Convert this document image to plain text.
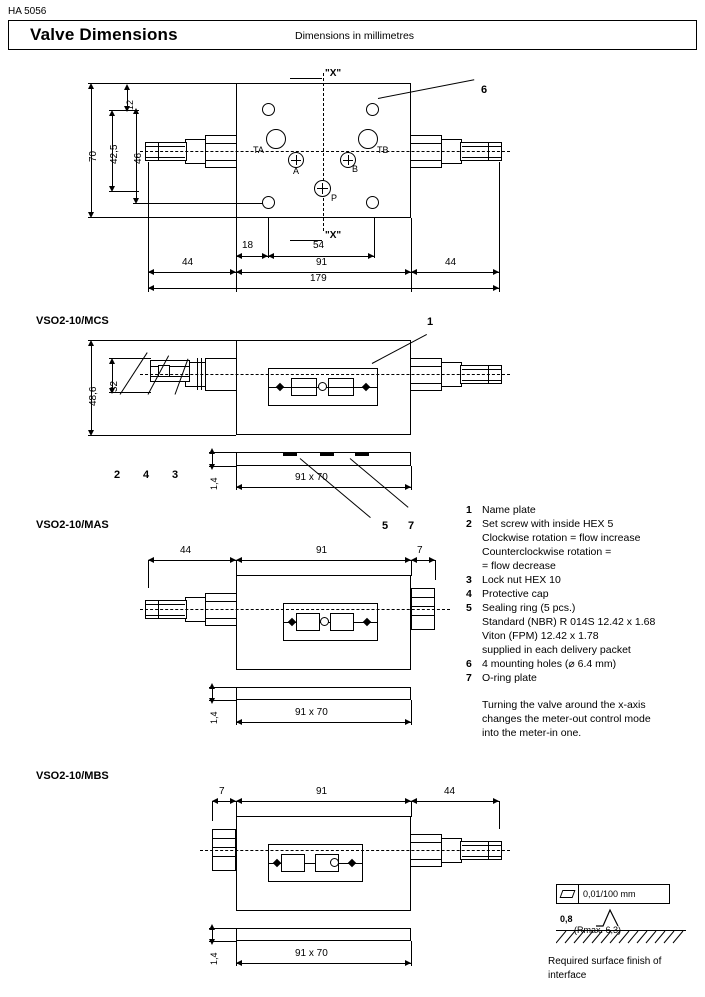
HA 5056
Valve Dimensions	Dimensions in millimetres
TA	TB
A	B
P
"X"
"X"
6
70 42,5 46
12
18	54
44	91	44
179
VSO2-10/MCS	1
2 4 3
48,6
32
1,4	91 x 70
5 7
VSO2-10/MAS
44	91	7
1,4	91 x 70
VSO2-10/MBS
7	91	44
1,4	91 x 70
1 Name plate
2 Set screw with inside HEX 5
Clockwise rotation = flow increase
Counterclockwise rotation =
= flow decrease
3 Lock nut HEX 10
4 Protective cap
5 Sealing ring (5 pcs.)
Standard (NBR) R 014S 12.42 x 1.68
Viton (FPM) 12.42 x 1.78
supplied in each delivery packet
6 4 mounting holes (⌀ 6.4 mm)
7 O-ring plate
Turning the valve around the x-axis
changes the meter-out control mode
into the meter-in one.
0,01/100 mm
0,8
Required surface finish of
interface
